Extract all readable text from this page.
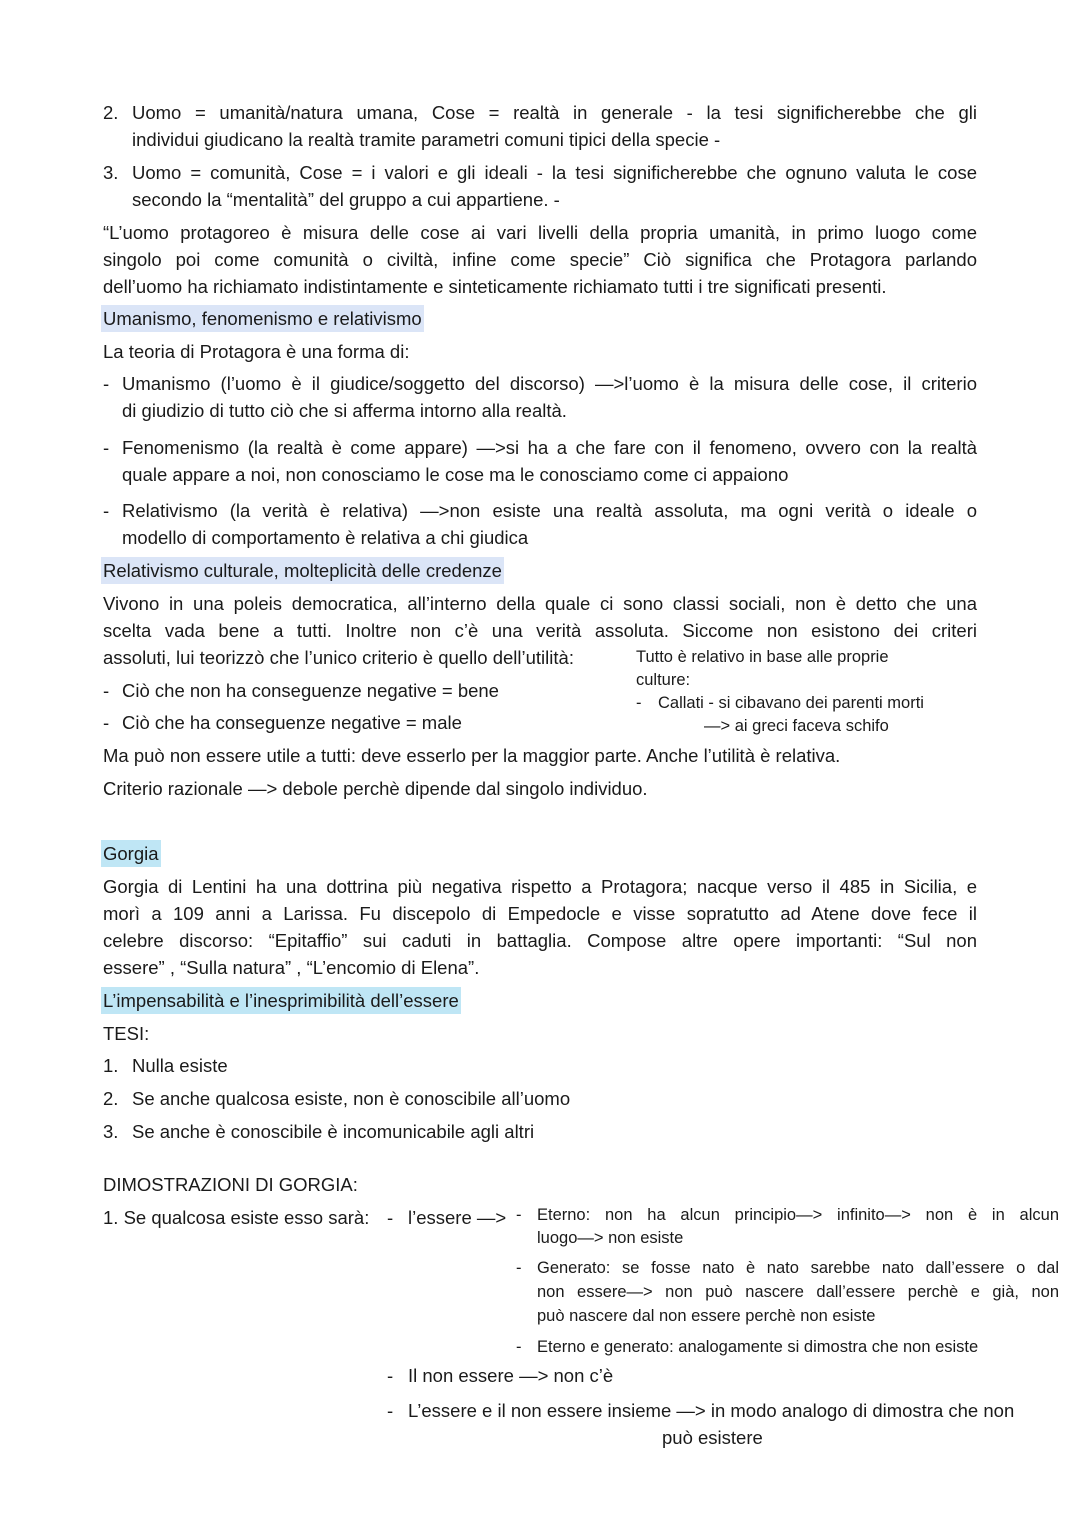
2. Uomo = umanità/natura umana, Cose = realtà in generale - la tesi significherebbe che gli
individui giudicano la realtà tramite parametri comuni tipici della specie -
3. Uomo = comunità, Cose = i valori e gli ideali - la tesi significherebbe che ognuno valuta le cose
secondo la “mentalità” del gruppo a cui appartiene. -
“L’uomo protagoreo è misura delle cose ai vari livelli della propria umanità, in primo luogo come
singolo poi come comunità o civiltà, infine come specie” Ciò significa che Protagora parlando
dell’uomo ha richiamato indistintamente e sinteticamente richiamato tutti i tre significati presenti.
Umanismo, fenomenismo e relativismo
La teoria di Protagora è una forma di:
- Umanismo (l’uomo è il giudice/soggetto del discorso) —>l’uomo è la misura delle cose, il criterio
di giudizio di tutto ciò che si afferma intorno alla realtà.
- Fenomenismo (la realtà è come appare) —>si ha a che fare con il fenomeno, ovvero con la realtà
quale appare a noi, non conosciamo le cose ma le conosciamo come ci appaiono
- Relativismo (la verità è relativa) —>non esiste una realtà assoluta, ma ogni verità o ideale o
modello di comportamento è relativa a chi giudica
Relativismo culturale, molteplicità delle credenze
Vivono in una poleis democratica, all’interno della quale ci sono classi sociali, non è detto che una
scelta vada bene a tutti. Inoltre non c’è una verità assoluta. Siccome non esistono dei criteri
assoluti, lui teorizzò che l’unico criterio è quello dell’utilità:	Tutto è relativo in base alle proprie
culture:
- Callati - si cibavano dei parenti morti
—> ai greci faceva schifo
- Ciò che non ha conseguenze negative = bene
- Ciò che ha conseguenze negative = male
Ma può non essere utile a tutti: deve esserlo per la maggior parte. Anche l’utilità è relativa.
Criterio razionale —> debole perchè dipende dal singolo individuo.
Gorgia
Gorgia di Lentini ha una dottrina più negativa rispetto a Protagora; nacque verso il 485 in Sicilia, e
morì a 109 anni a Larissa. Fu discepolo di Empedocle e visse sopratutto ad Atene dove fece il
celebre discorso: “Epitaffio” sui caduti in battaglia. Compose altre opere importanti: “Sul non
essere” , “Sulla natura” , “L’encomio di Elena”.
L’impensabilità e l’inesprimibilità dell’essere
TESI:
1. Nulla esiste
2. Se anche qualcosa esiste, non è conoscibile all’uomo
3. Se anche è conoscibile è incomunicabile agli altri
DIMOSTRAZIONI DI GORGIA:
1. Se qualcosa esiste esso sarà: - l’essere —> - Eterno: non ha alcun principio—> infinito—> non è in alcun
luogo—> non esiste
- Generato: se fosse nato è nato sarebbe nato dall’essere o dal
non essere—> non può nascere dall’essere perchè e già, non
può nascere dal non essere perchè non esiste
- Eterno e generato: analogamente si dimostra che non esiste
- Il non essere —> non c’è
- L’essere e il non essere insieme —> in modo analogo di dimostra che non
può esistere
